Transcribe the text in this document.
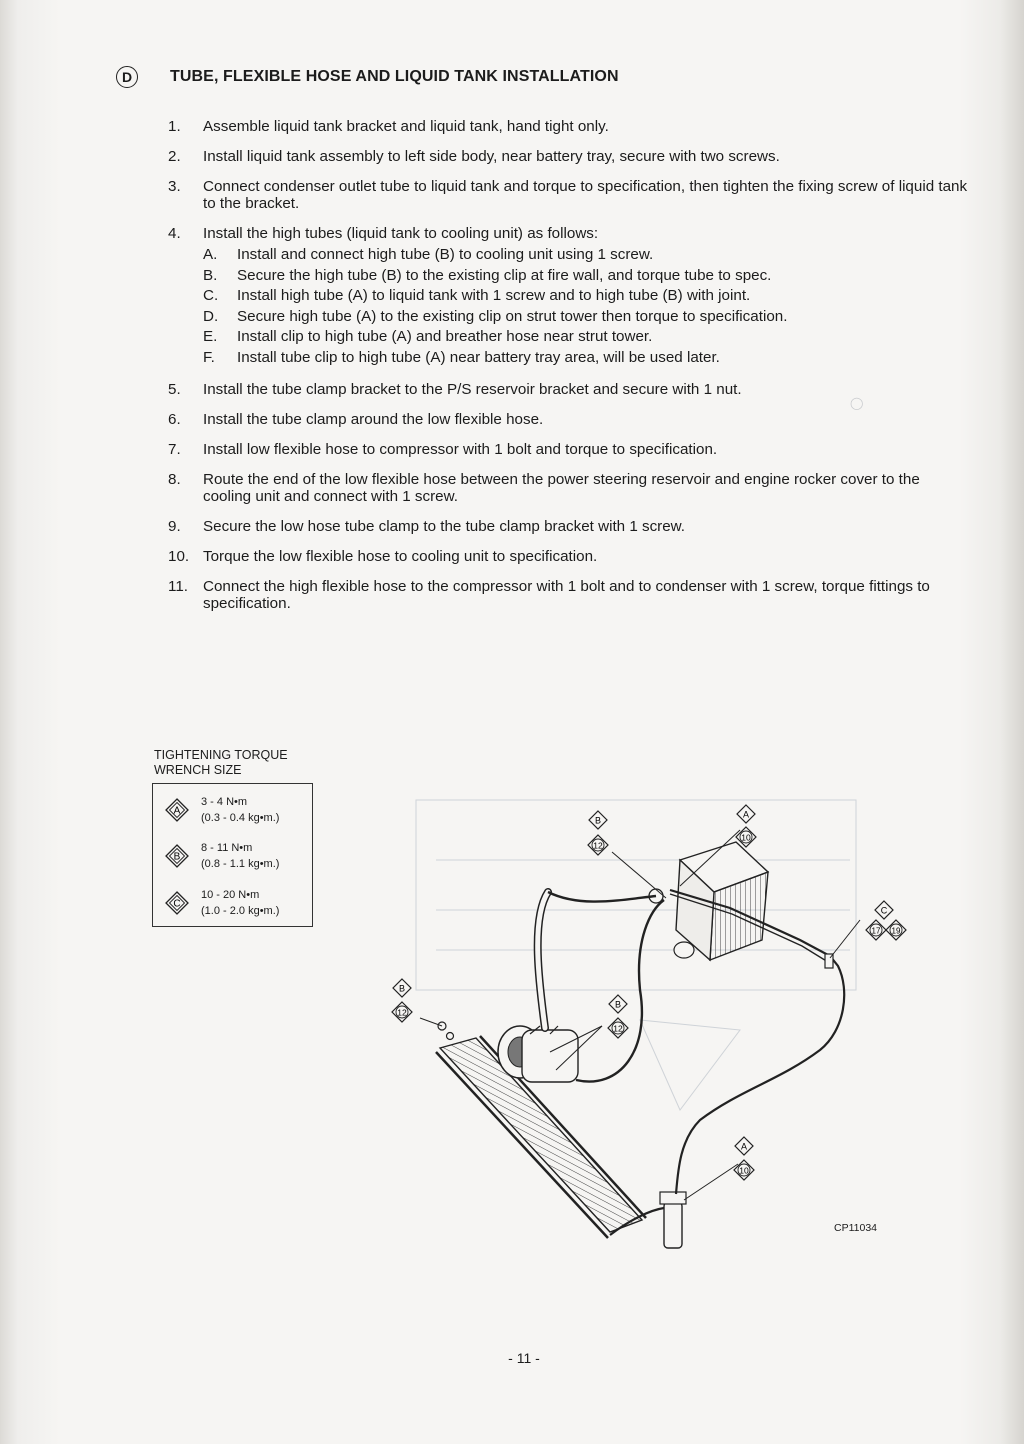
◯
D	TUBE, FLEXIBLE HOSE AND LIQUID TANK INSTALLATION
1.	Assemble liquid tank bracket and liquid tank, hand tight only.
2.	Install liquid tank assembly to left side body, near battery tray, secure with two screws.
3.	Connect condenser outlet tube to liquid tank and torque to specification, then tighten the fixing screw of liquid tank to the bracket.
4.	Install the high tubes (liquid tank to cooling unit) as follows:
A.	Install and connect high tube (B) to cooling unit using 1 screw.
B.	Secure the high tube (B) to the existing clip at fire wall, and torque tube to spec.
C.	Install high tube (A) to liquid tank with 1 screw and to high tube (B) with joint.
D.	Secure high tube (A) to the existing clip on strut tower then torque to specification.
E.	Install clip to high tube (A) and breather hose near strut tower.
F.	Install tube clip to high tube (A) near battery tray area, will be used later.
5.	Install the tube clamp bracket to the P/S reservoir bracket and secure with 1 nut.
6.	Install the tube clamp around the low flexible hose.
7.	Install low flexible hose to compressor with 1 bolt and torque to specification.
8.	Route the end of the low flexible hose between the power steering reservoir and engine rocker cover to the cooling unit and connect with 1 screw.
9.	Secure the low hose tube clamp to the tube clamp bracket with 1 screw.
10. Torque the low flexible hose to cooling unit to specification.
11. Connect the high flexible hose to the compressor with 1 bolt and to condenser with 1 screw, torque fittings to specification.
TIGHTENING TORQUE
WRENCH SIZE
A
3 - 4 N•m
(0.3 - 0.4 kg•m.)
B
8 - 11 N•m
(0.8 - 1.1 kg•m.)
C
10 - 20 N•m
(1.0 - 2.0 kg•m.)
B
12
A
10
C
17 19
B
12
B
12
A
10
CP11034
- 11 -
